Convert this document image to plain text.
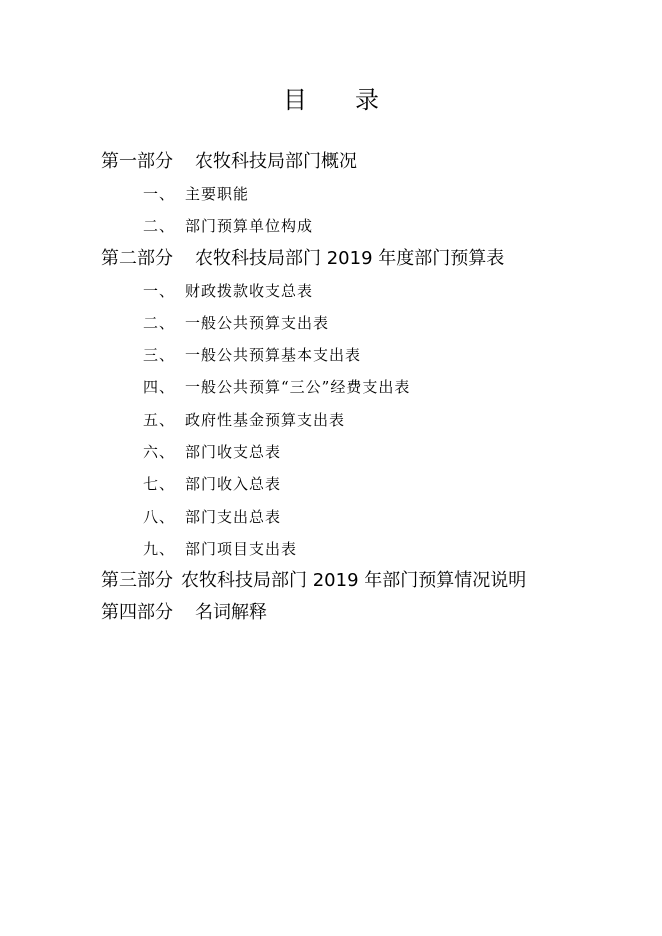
目 录
第一部分 农牧科技局部门概况
一、 主要职能
二、 部门预算单位构成
第二部分 农牧科技局部门 2019 年度部门预算表
一、 财政拨款收支总表
二、 一般公共预算支出表
三、 一般公共预算基本支出表
四、 一般公共预算“三公”经费支出表
五、 政府性基金预算支出表
六、 部门收支总表
七、 部门收入总表
八、 部门支出总表
九、 部门项目支出表
第三部分 农牧科技局部门 2019 年部门预算情况说明
第四部分 名词解释
